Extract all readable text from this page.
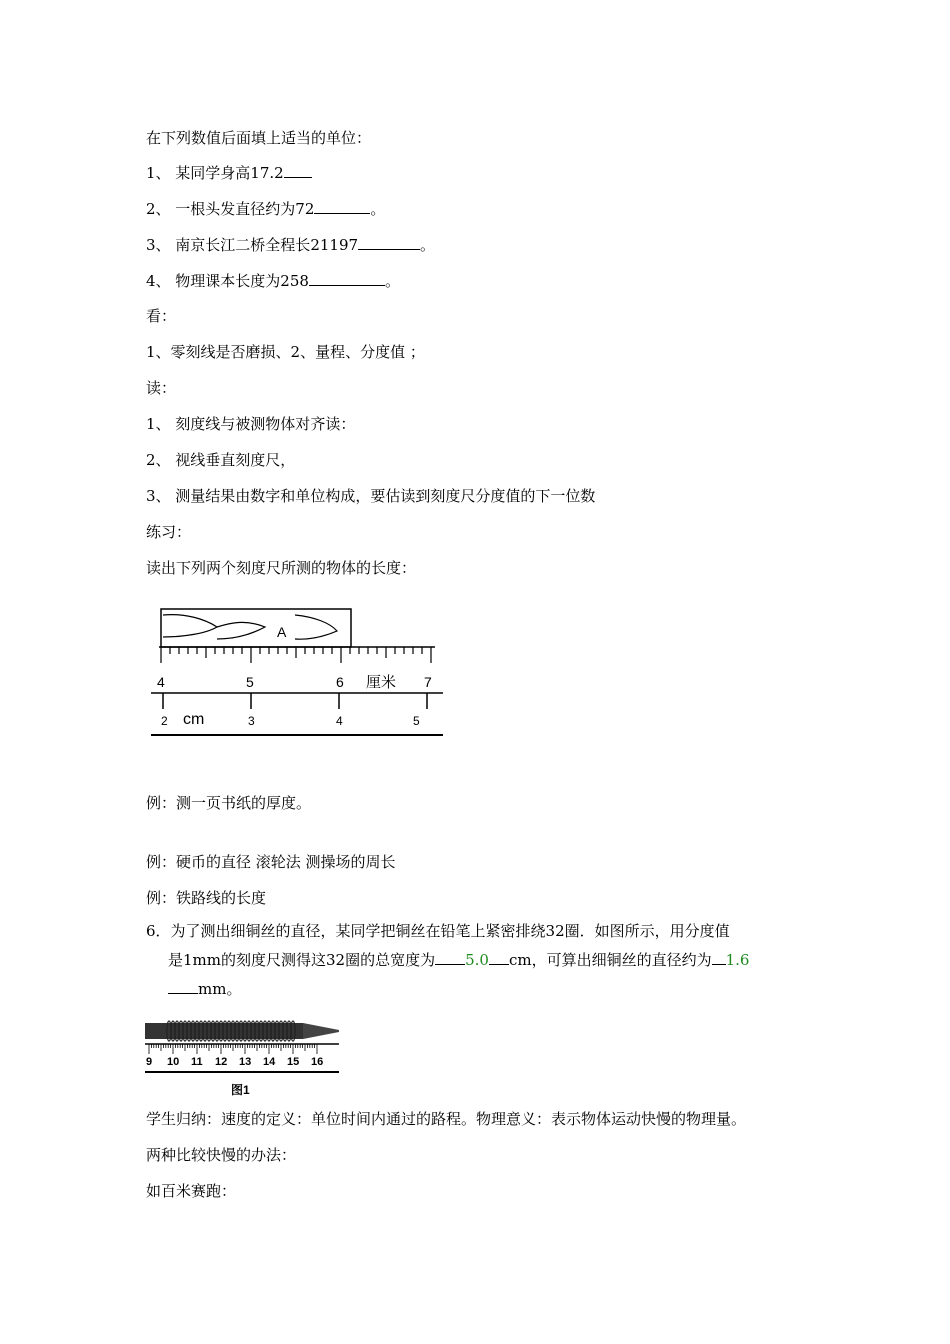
在下列数值后面填上适当的单位：
1、 某同学身高17.2
2、 一根头发直径约为72	。
3、 南京长江二桥全程长21197	。
4、 物理课本长度为258	。
看：
1、零刻线是否磨损、2、量程、分度值 ；
读：
1、 刻度线与被测物体对齐读：
2、 视线垂直刻度尺，
3、 测量结果由数字和单位构成，要估读到刻度尺分度值的下一位数
练习：
读出下列两个刻度尺所测的物体的长度：
A
4	5	6 厘米 7
2 cm	3	4	5
例：测一页书纸的厚度。
例：硬币的直径 滚轮法 测操场的周长
例：铁路线的长度
6．为了测出细铜丝的直径，某同学把铜丝在铅笔上紧密排绕32圈．如图所示，用分度值
是1mm的刻度尺测得这32圈的总宽度为 5.0 cm，可算出细铜丝的直径约为 1.6
mm。
9 10 11 12 13 14 15 16
图1
学生归纳：速度的定义：单位时间内通过的路程。物理意义：表示物体运动快慢的物理量。
两种比较快慢的办法：
如百米赛跑：
